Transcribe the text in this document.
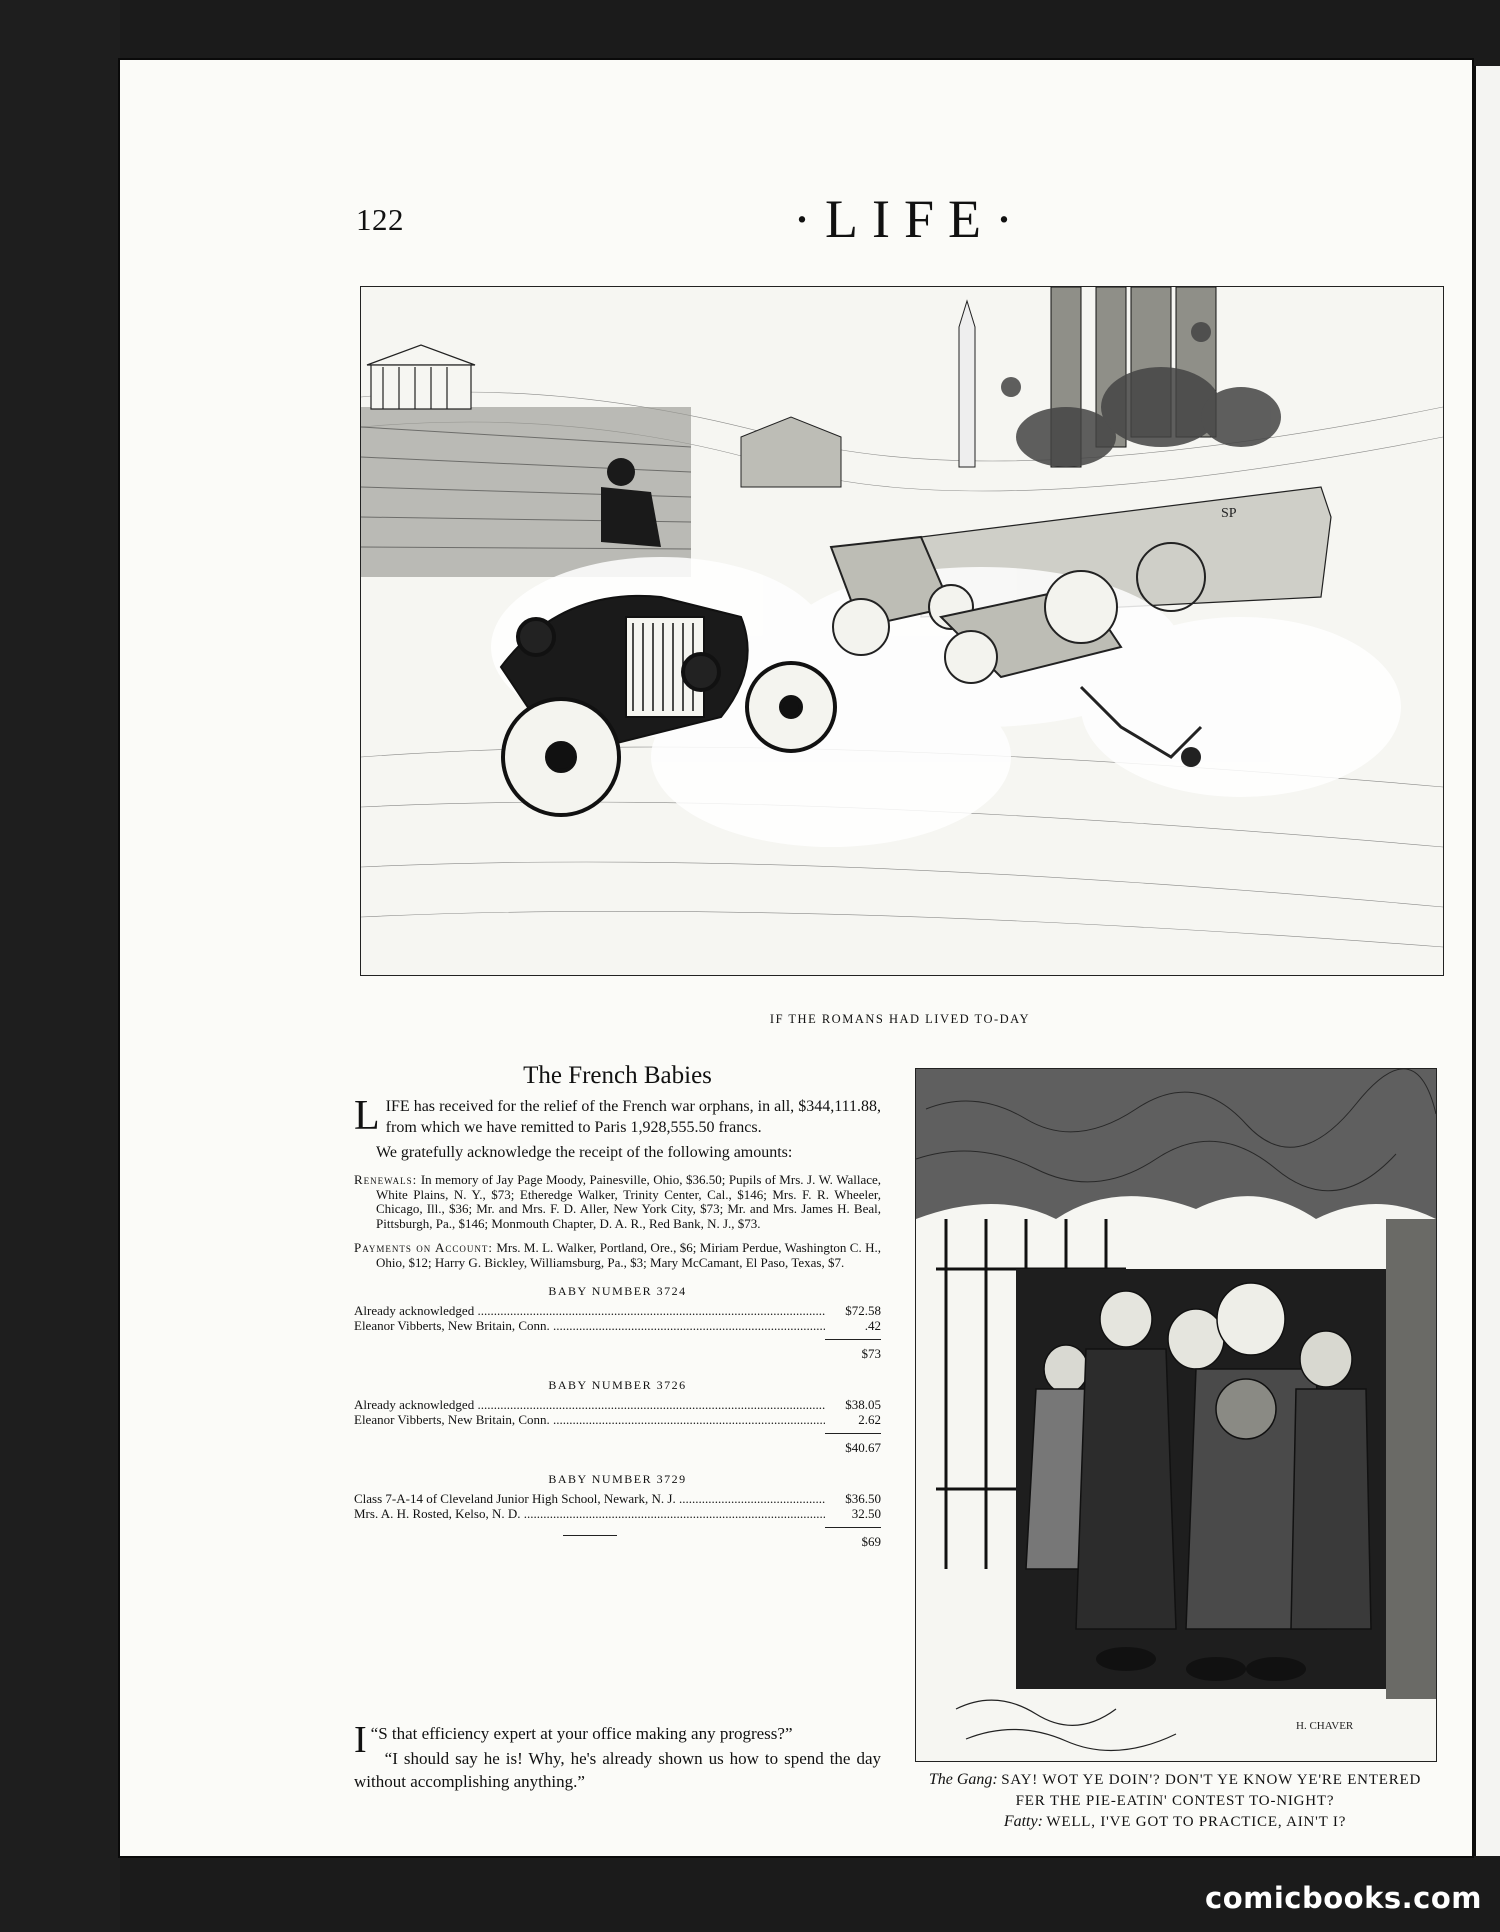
122	·LIFE·
SP
IF THE ROMANS HAD LIVED TO-DAY
The French Babies

LIFE has received for the relief of the French war orphans, in all, $344,111.88, from which we have remitted to Paris 1,928,555.50 francs.

We gratefully acknowledge the receipt of the following amounts:

Renewals: In memory of Jay Page Moody, Painesville, Ohio, $36.50; Pupils of Mrs. J. W. Wallace, White Plains, N. Y., $73; Etheredge Walker, Trinity Center, Cal., $146; Mrs. F. R. Wheeler, Chicago, Ill., $36; Mr. and Mrs. F. D. Aller, New York City, $73; Mr. and Mrs. James H. Beal, Pittsburgh, Pa., $146; Monmouth Chapter, D. A. R., Red Bank, N. J., $73.

Payments on Account: Mrs. M. L. Walker, Portland, Ore., $6; Miriam Perdue, Washington C. H., Ohio, $12; Harry G. Bickley, Williamsburg, Pa., $3; Mary McCamant, El Paso, Texas, $7.

BABY NUMBER 3724
Already acknowledged .....	$72.58
Eleanor Vibberts, New Britain, Conn. .....	.42
$73
BABY NUMBER 3726
Already acknowledged .....	$38.05
Eleanor Vibberts, New Britain, Conn. .....	2.62
$40.67
BABY NUMBER 3729
Class 7-A-14 of Cleveland Junior High School, Newark, N. J. .....	$36.50
Mrs. A. H. Rosted, Kelso, N. D. .....	32.50
$69

“
I S that efficiency expert at your office making any progress?”

“I should say he is! Why, he's already shown us how to spend the day without accomplishing anything.”

H. CHAVER
The Gang: SAY! WOT YE DOIN'? DON'T YE KNOW YE'RE ENTERED FER THE PIE-EATIN' CONTEST TO-NIGHT?
Fatty: WELL, I'VE GOT TO PRACTICE, AIN'T I?
comicbooks.com
